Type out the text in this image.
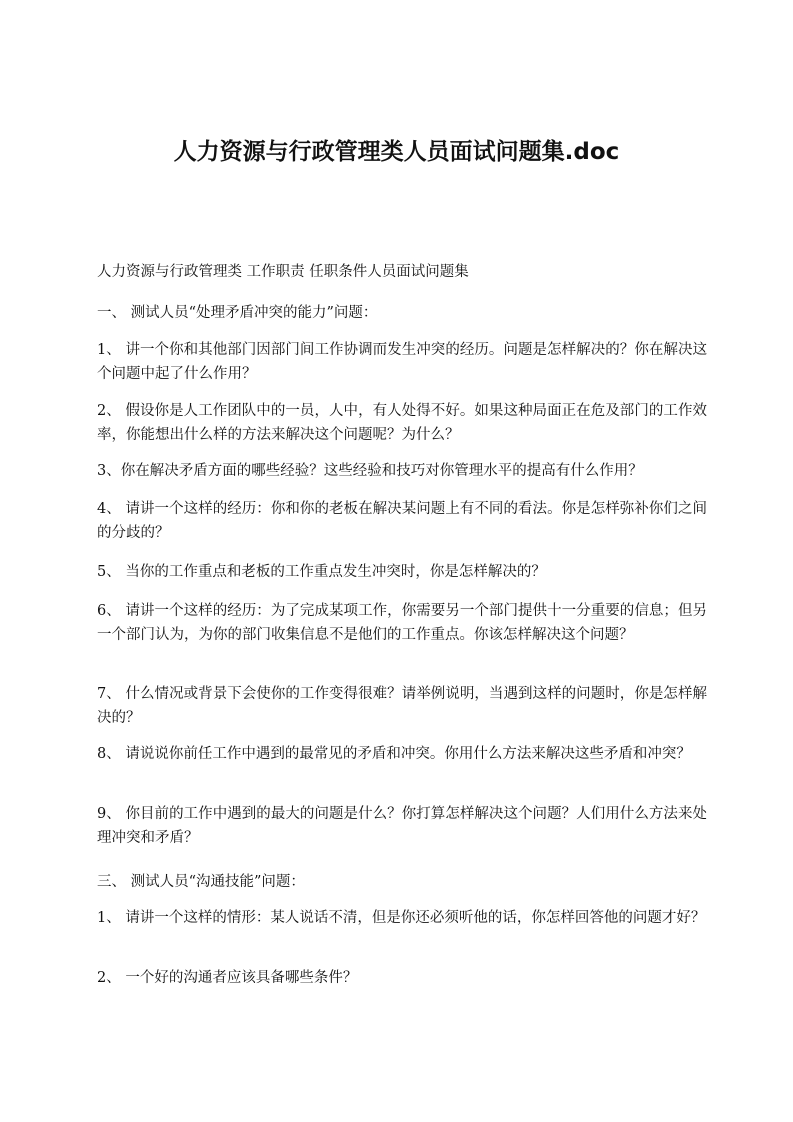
人力资源与行政管理类人员面试问题集.doc

人力资源与行政管理类 工作职责 任职条件人员面试问题集

一、 测试人员“处理矛盾冲突的能力”问题：

1、 讲一个你和其他部门因部门间工作协调而发生冲突的经历。问题是怎样解决的？你在解决这个问题中起了什么作用？

2、 假设你是人工作团队中的一员，人中，有人处得不好。如果这种局面正在危及部门的工作效率，你能想出什么样的方法来解决这个问题呢？为什么？

3、你在解决矛盾方面的哪些经验？这些经验和技巧对你管理水平的提高有什么作用？

4、 请讲一个这样的经历：你和你的老板在解决某问题上有不同的看法。你是怎样弥补你们之间的分歧的？

5、 当你的工作重点和老板的工作重点发生冲突时，你是怎样解决的？

6、 请讲一个这样的经历：为了完成某项工作，你需要另一个部门提供十一分重要的信息；但另一个部门认为，为你的部门收集信息不是他们的工作重点。你该怎样解决这个问题？

7、 什么情况或背景下会使你的工作变得很难？请举例说明，当遇到这样的问题时，你是怎样解决的？

8、 请说说你前任工作中遇到的最常见的矛盾和冲突。你用什么方法来解决这些矛盾和冲突？

9、 你目前的工作中遇到的最大的问题是什么？你打算怎样解决这个问题？人们用什么方法来处理冲突和矛盾？

三、 测试人员“沟通技能”问题：

1、 请讲一个这样的情形：某人说话不清，但是你还必须听他的话，你怎样回答他的问题才好？

2、 一个好的沟通者应该具备哪些条件？
